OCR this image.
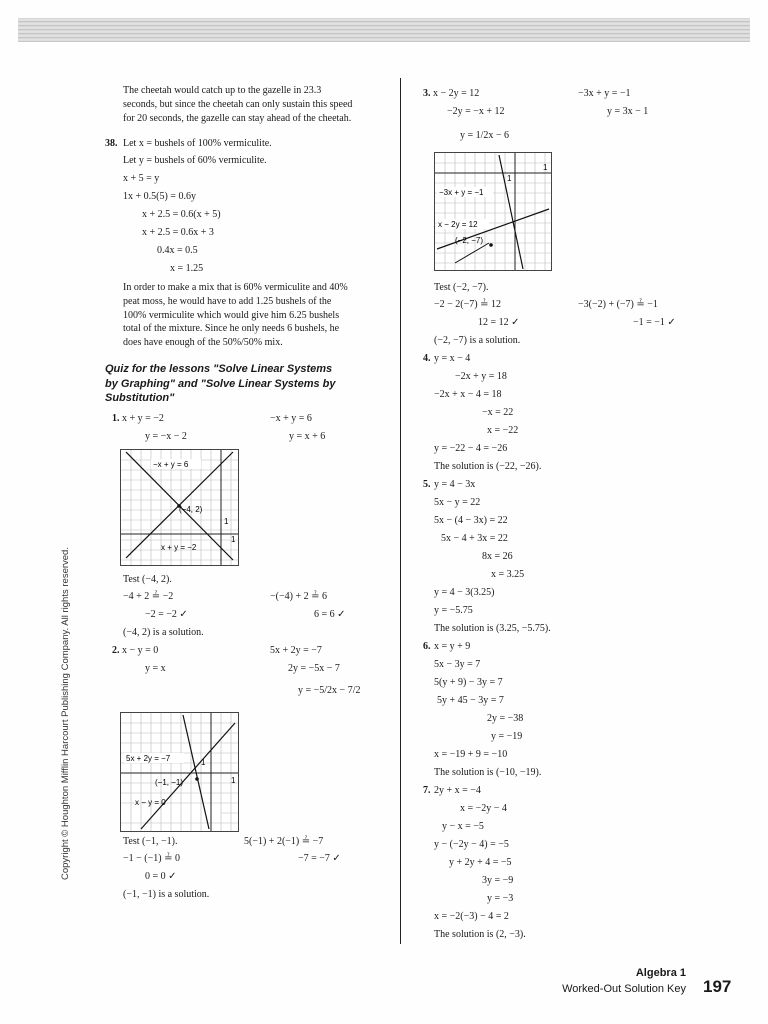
Copyright © Houghton Mifflin Harcourt Publishing Company. All rights reserved.
The cheetah would catch up to the gazelle in 23.3
seconds, but since the cheetah can only sustain this speed
for 20 seconds, the gazelle can stay ahead of the cheetah.
38. Let x = bushels of 100% vermiculite.
Let y = bushels of 60% vermiculite.
x + 5 = y
1x + 0.5(5) = 0.6y
x + 2.5 = 0.6(x + 5)
x + 2.5 = 0.6x + 3
0.4x = 0.5
x = 1.25
In order to make a mix that is 60% vermiculite and 40%
peat moss, he would have to add 1.25 bushels of the
100% vermiculite which would give him 6.25 bushels
total of the mixture. Since he only needs 6 bushels, he
does have enough of the 50%/50% mix.
Quiz for the lessons "Solve Linear Systems
by Graphing" and "Solve Linear Systems by
Substitution"
1. x + y = −2
y = −x − 2
−x + y = 6
y = x + 6
−x + y = 6
(−4, 2)
x + y = −2
1
1
Test (−4, 2).
−4 + 2 ≟ −2
−2 = −2 ✓
(−4, 2) is a solution.
−(−4) + 2 ≟ 6
6 = 6 ✓
2. x − y = 0
y = x
5x + 2y = −7
2y = −5x − 7
y = −5/2x − 7/2
5x + 2y = −7
(−1, −1)
x − y = 0
1
1
Test (−1, −1).
−1 − (−1) ≟ 0
0 = 0 ✓
(−1, −1) is a solution.
5(−1) + 2(−1) ≟ −7
−7 = −7 ✓
3. x − 2y = 12
−2y = −x + 12
y = 1/2x − 6
−3x + y = −1
y = 3x − 1
−3x + y = −1
x − 2y = 12
(−2, −7)
1
1
Test (−2, −7).
−2 − 2(−7) ≟ 12
12 = 12 ✓
(−2, −7) is a solution.
−3(−2) + (−7) ≟ −1
−1 = −1 ✓
4. y = x − 4
−2x + y = 18
−2x + x − 4 = 18
−x = 22
x = −22
y = −22 − 4 = −26
The solution is (−22, −26).
5. y = 4 − 3x
5x − y = 22
5x − (4 − 3x) = 22
5x − 4 + 3x = 22
8x = 26
x = 3.25
y = 4 − 3(3.25)
y = −5.75
The solution is (3.25, −5.75).
6. x = y + 9
5x − 3y = 7
5(y + 9) − 3y = 7
5y + 45 − 3y = 7
2y = −38
y = −19
x = −19 + 9 = −10
The solution is (−10, −19).
7. 2y + x = −4
x = −2y − 4
y − x = −5
y − (−2y − 4) = −5
y + 2y + 4 = −5
3y = −9
y = −3
x = −2(−3) − 4 = 2
The solution is (2, −3).
Algebra 1
Worked-Out Solution Key 197
